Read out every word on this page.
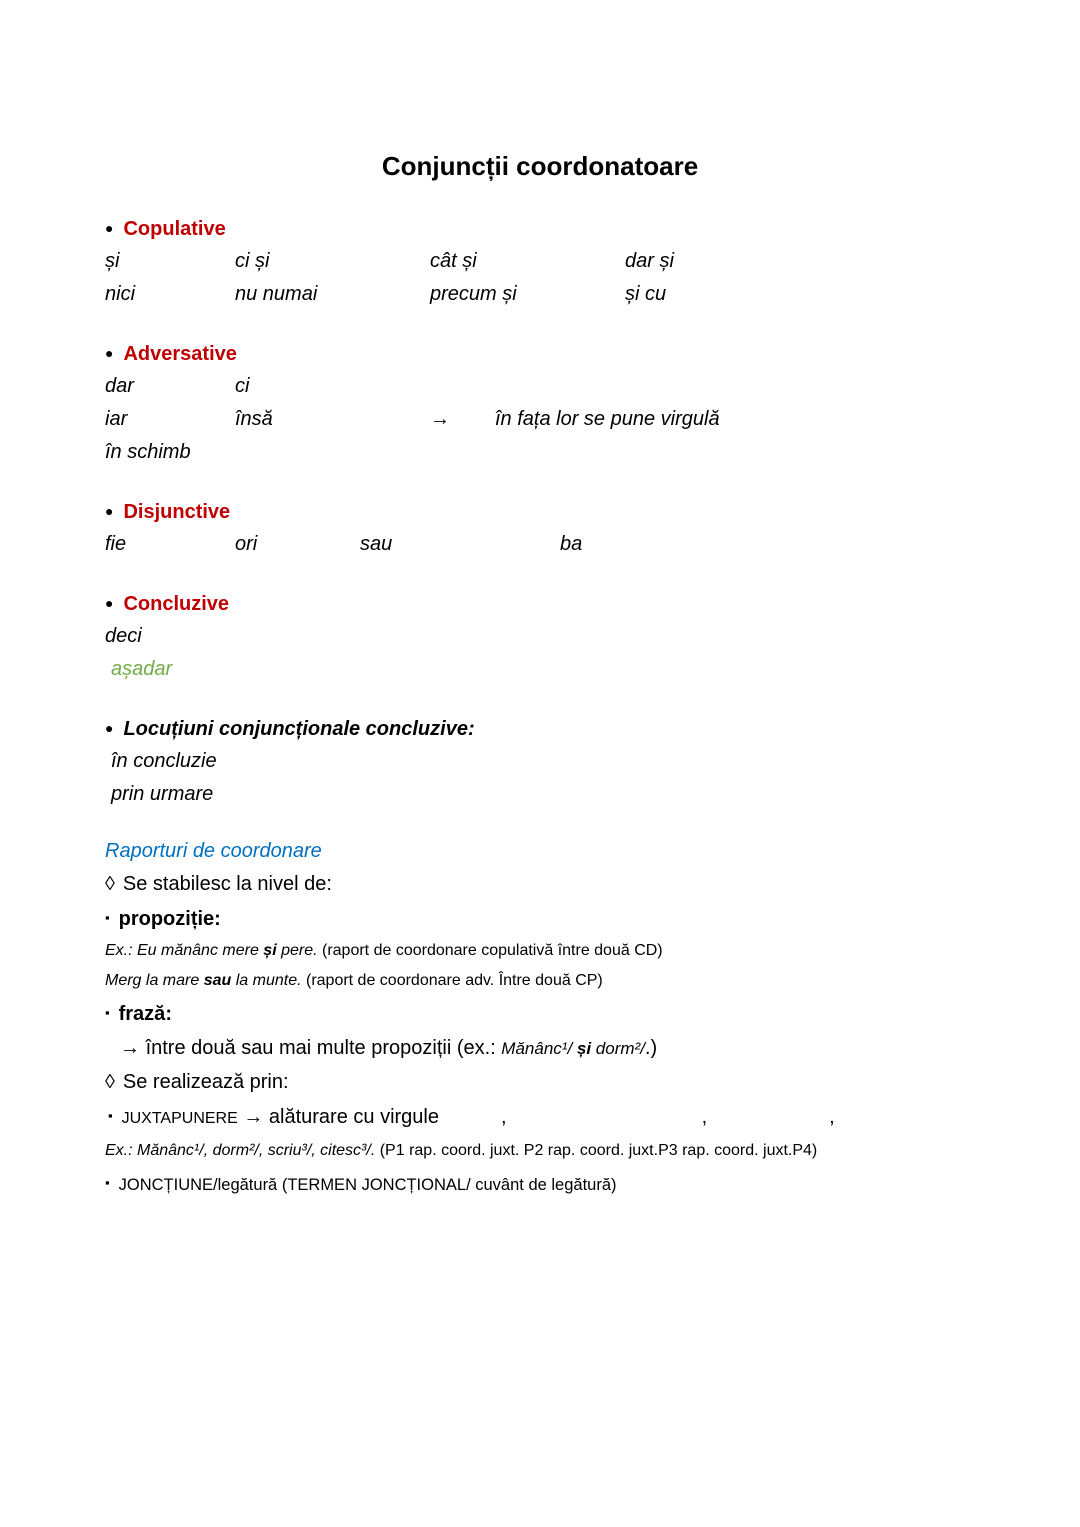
Conjuncții coordonatoare
● Copulative
și	ci și	cât și	dar și
nici	nu numai	precum și	și cu
● Adversative
dar	ci
iar	însă	→	în fața lor se pune virgulă
în schimb
● Disjunctive
fie	ori	sau	ba
● Concluzive
deci
așadar
● Locuțiuni conjuncționale concluzive:
în concluzie
prin urmare
Raporturi de coordonare
◊ Se stabilesc la nivel de:
▪ propoziție:
Ex.: Eu mănânc mere și pere. (raport de coordonare copulativă între două CD)
Merg la mare sau la munte. (raport de coordonare adv. Între două CP)
▪ frază:
→ între două sau mai multe propoziții (ex.: Mănânc¹/ și dorm²/.)
◊ Se realizează prin:
▪ JUXTAPUNERE → alăturare cu virgule	,	,	,
Ex.: Mănânc¹/, dorm²/, scriu³/, citesc³/. (P1 rap. coord. juxt. P2 rap. coord. juxt.P3 rap. coord. juxt.P4)
▪ JONCȚIUNE/legătură (TERMEN JONCȚIONAL/ cuvânt de legătură)
